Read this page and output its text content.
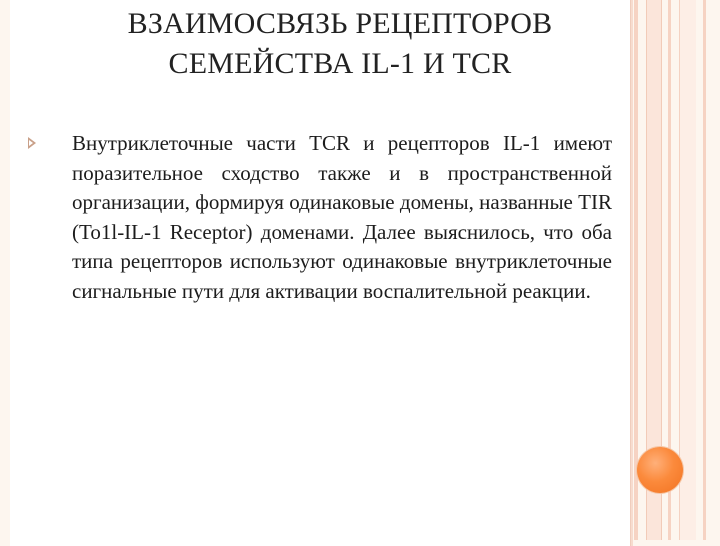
ВЗАИМОСВЯЗЬ РЕЦЕПТОРОВ
СЕМЕЙСТВА IL-1 И TCR
Внутриклеточные части TCR и рецепторов IL-1 имеют поразительное сходство также и в пространственной организации, формируя одинаковые домены, названные TIR (To1l-IL-1 Receptor) доменами. Далее выяснилось, что оба типа рецепторов используют одинаковые внутриклеточные сигнальные пути для активации воспалительной реакции.
